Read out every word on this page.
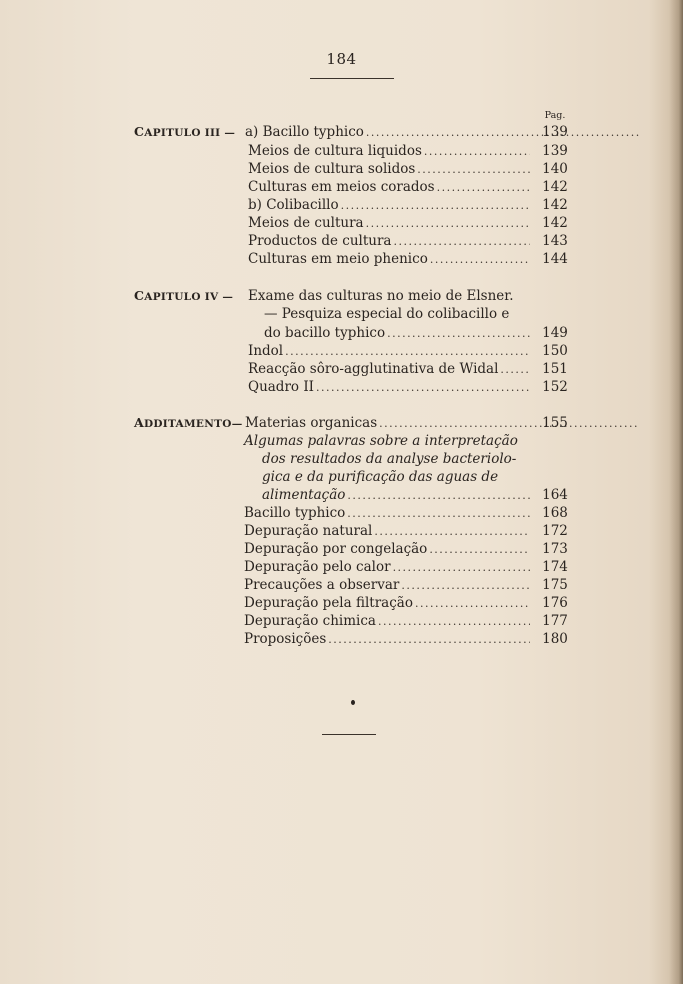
184
Pag.
CAPITULO III — a) Bacillo typhico .....	139
Meios de cultura liquidos .....	139
Meios de cultura solidos .....	140
Culturas em meios corados .....	142
b) Colibacillo .....	142
Meios de cultura .....	142
Productos de cultura .....	143
Culturas em meio phenico .....	144
CAPITULO IV — Exame das culturas no meio de Elsner.
— Pesquiza especial do colibacillo e
do bacillo typhico .....	149
Indol .....	150
Reacção sôro-agglutinativa de Widal .....	151
Quadro II .....	152
ADDITAMENTO— Materias organicas .....	155
Algumas palavras sobre a interpretação
dos resultados da analyse bacteriolo-
gica e da purificação das aguas de
alimentação .....	164
Bacillo typhico .....	168
Depuração natural .....	172
Depuração por congelação .....	173
Depuração pelo calor .....	174
Precauções a observar .....	175
Depuração pela filtração .....	176
Depuração chimica .....	177
Proposições .....	180
